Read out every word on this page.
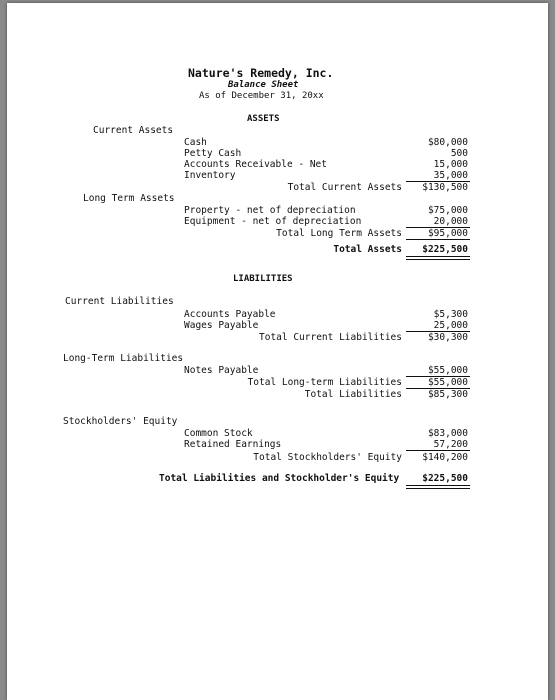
Nature's Remedy, Inc.
Balance Sheet
As of December 31, 20xx
ASSETS
Current Assets
Cash	$80,000
Petty Cash	500
Accounts Receivable - Net	15,000
Inventory	35,000
Total Current Assets	$130,500
Long Term Assets
Property - net of depreciation	$75,000
Equipment - net of depreciation	20,000
Total Long Term Assets	$95,000
Total Assets	$225,500
LIABILITIES
Current Liabilities
Accounts Payable	$5,300
Wages Payable	25,000
Total Current Liabilities	$30,300
Long-Term Liabilities
Notes Payable	$55,000
Total Long-term Liabilities	$55,000
Total Liabilities	$85,300
Stockholders' Equity
Common Stock	$83,000
Retained Earnings	57,200
Total Stockholders' Equity	$140,200
Total Liabilities and Stockholder's Equity	$225,500
